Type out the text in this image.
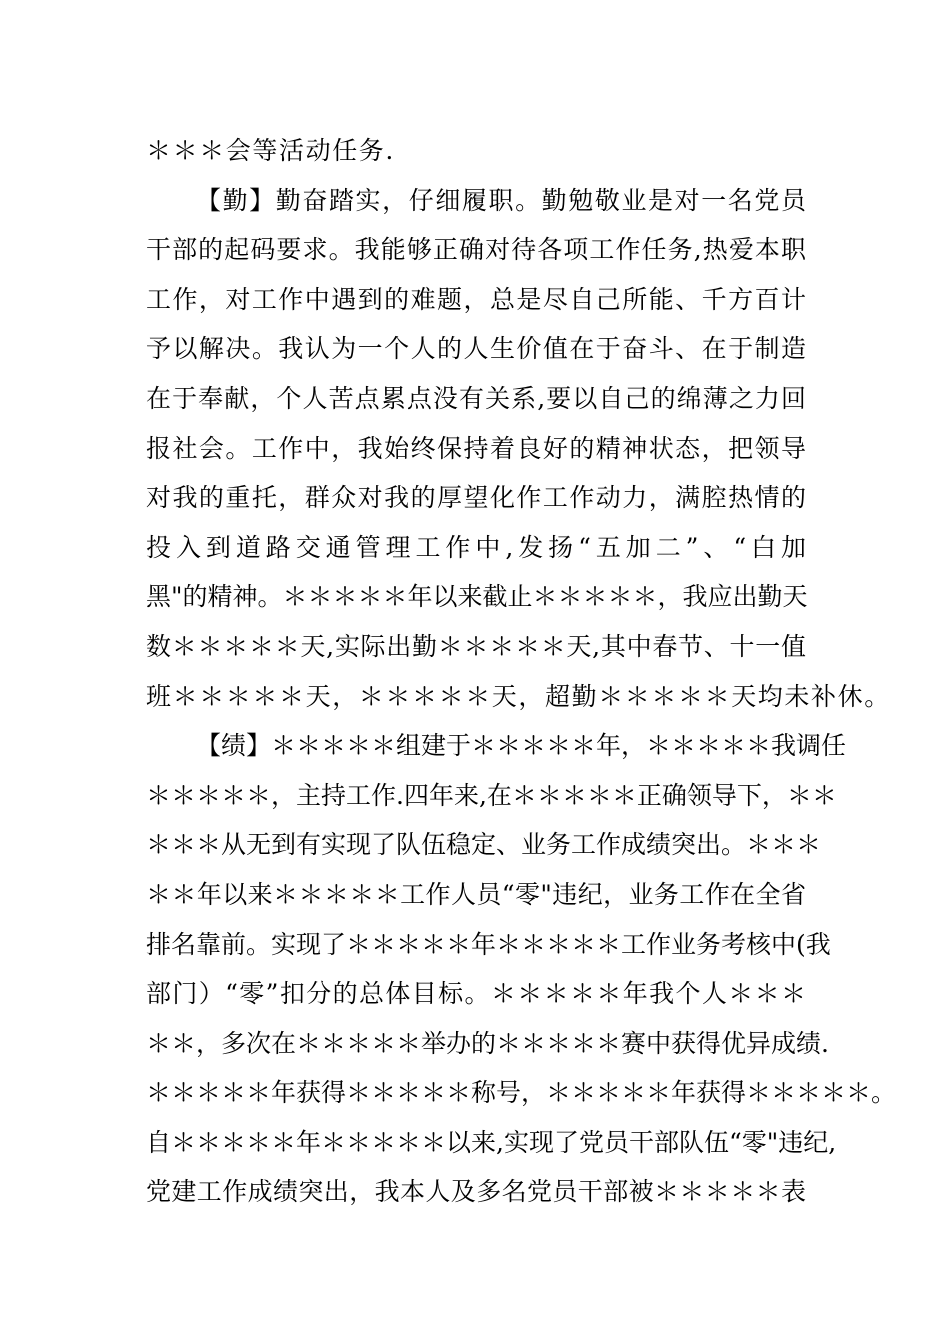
＊＊＊会等活动任务.
【勤】勤奋踏实，仔细履职。勤勉敬业是对一名党员
干部的起码要求。我能够正确对待各项工作任务,热爱本职
工作，对工作中遇到的难题，总是尽自己所能、千方百计
予以解决。我认为一个人的人生价值在于奋斗、在于制造
在于奉献，个人苦点累点没有关系,要以自己的绵薄之力回
报社会。工作中，我始终保持着良好的精神状态，把领导
对我的重托，群众对我的厚望化作工作动力，满腔热情的
投入到道路交通管理工作中,发扬“五加二”、“白加
黑"的精神。＊＊＊＊＊年以来截止＊＊＊＊＊，我应出勤天
数＊＊＊＊＊天,实际出勤＊＊＊＊＊天,其中春节、十一值
班＊＊＊＊＊天，＊＊＊＊＊天，超勤＊＊＊＊＊天均未补休。
【绩】＊＊＊＊＊组建于＊＊＊＊＊年，＊＊＊＊＊我调任
＊＊＊＊＊，主持工作.四年来,在＊＊＊＊＊正确领导下，＊＊
＊＊＊从无到有实现了队伍稳定、业务工作成绩突出。＊＊＊
＊＊年以来＊＊＊＊＊工作人员“零"违纪，业务工作在全省
排名靠前。实现了＊＊＊＊＊年＊＊＊＊＊工作业务考核中(我
部门）“零”扣分的总体目标。＊＊＊＊＊年我个人＊＊＊
＊＊，多次在＊＊＊＊＊举办的＊＊＊＊＊赛中获得优异成绩.
＊＊＊＊＊年获得＊＊＊＊＊称号，＊＊＊＊＊年获得＊＊＊＊＊。
自＊＊＊＊＊年＊＊＊＊＊以来,实现了党员干部队伍“零"违纪,
党建工作成绩突出，我本人及多名党员干部被＊＊＊＊＊表
